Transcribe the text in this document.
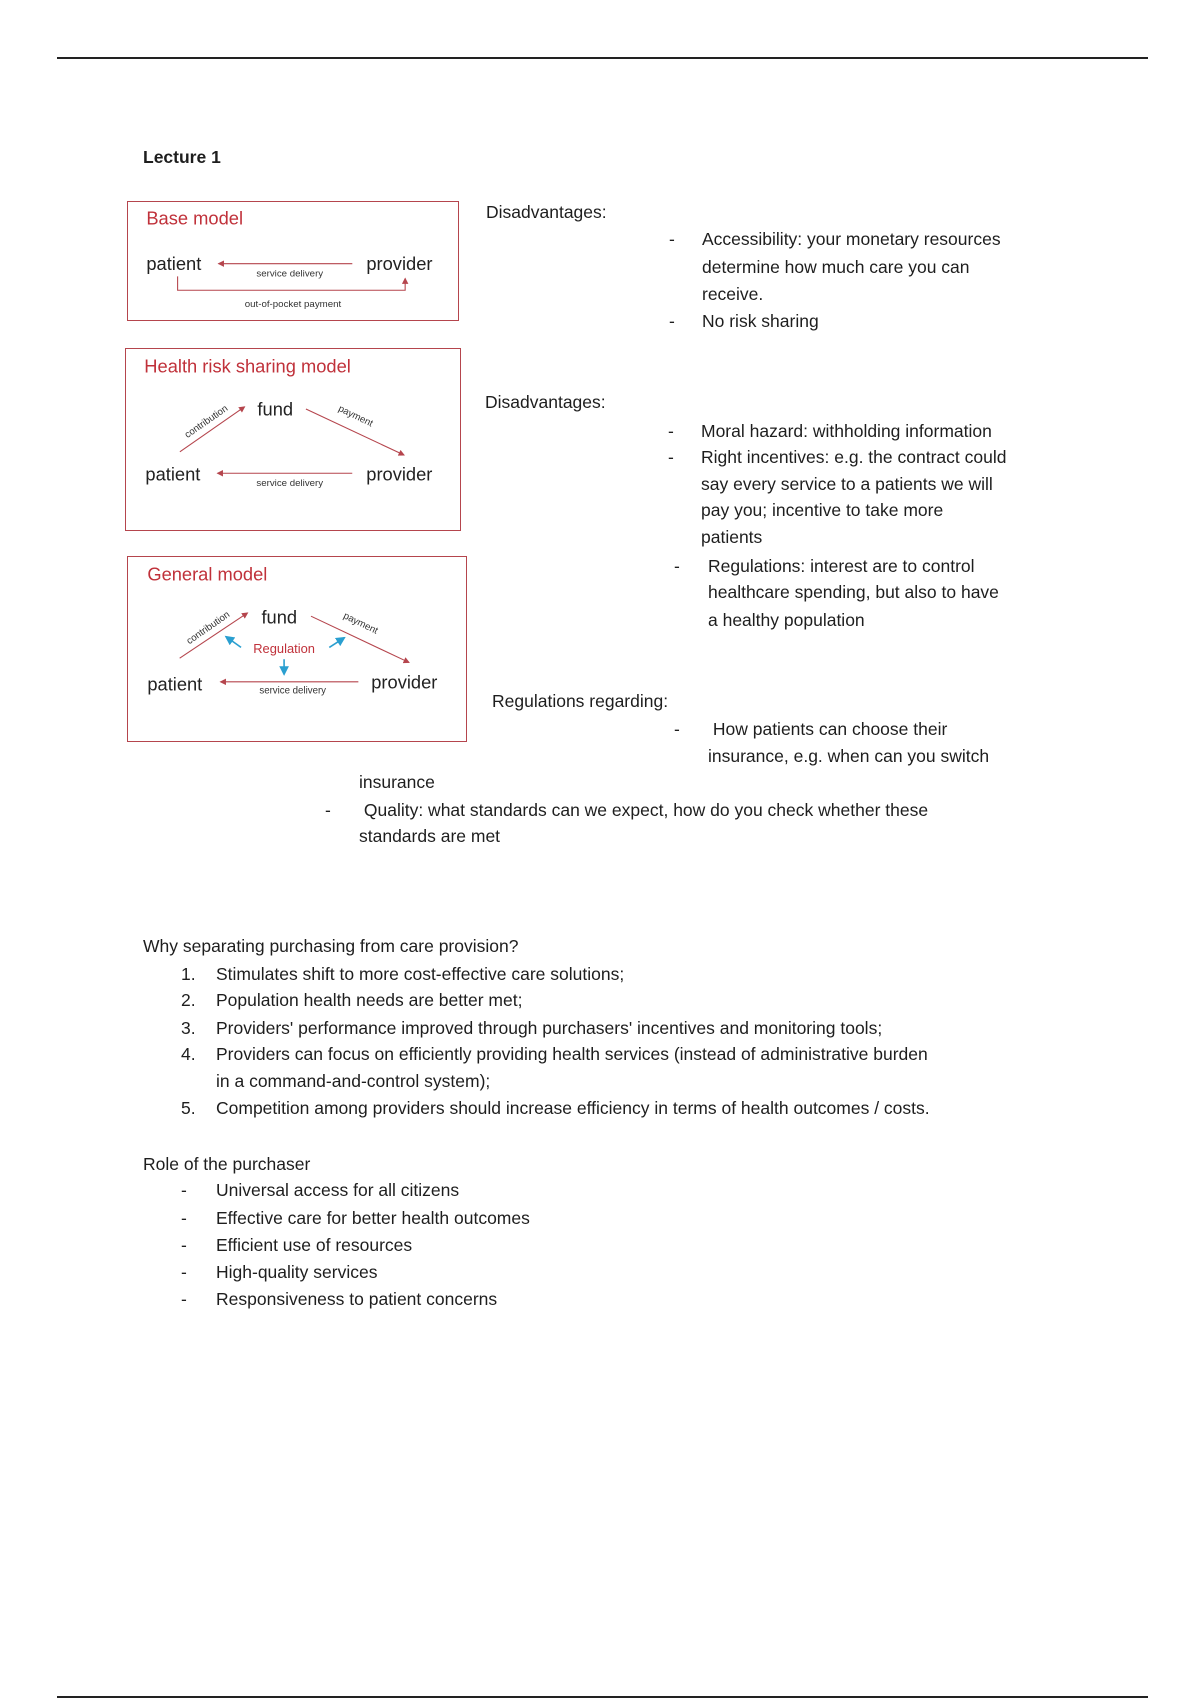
Lecture 1
Base model
patient	provider
service delivery
out-of-pocket payment
Health risk sharing model
fund
contribution	payment
patient	provider
service delivery
General model
fund
contribution	payment
Regulation
patient	provider
service delivery
Disadvantages:
- Accessibility: your monetary resources
determine how much care you can
receive.
- No risk sharing
Disadvantages:
- Moral hazard: withholding information
- Right incentives: e.g. the contract could
say every service to a patients we will
pay you; incentive to take more
patients
- Regulations: interest are to control
healthcare spending, but also to have
a healthy population
Regulations regarding:
- How patients can choose their
insurance, e.g. when can you switch
insurance
- Quality: what standards can we expect, how do you check whether these
standards are met
Why separating purchasing from care provision?
1. Stimulates shift to more cost-effective care solutions;
2. Population health needs are better met;
3. Providers' performance improved through purchasers' incentives and monitoring tools;
4. Providers can focus on efficiently providing health services (instead of administrative burden
in a command-and-control system);
5. Competition among providers should increase efficiency in terms of health outcomes / costs.
Role of the purchaser
- Universal access for all citizens
- Effective care for better health outcomes
- Efficient use of resources
- High-quality services
- Responsiveness to patient concerns
